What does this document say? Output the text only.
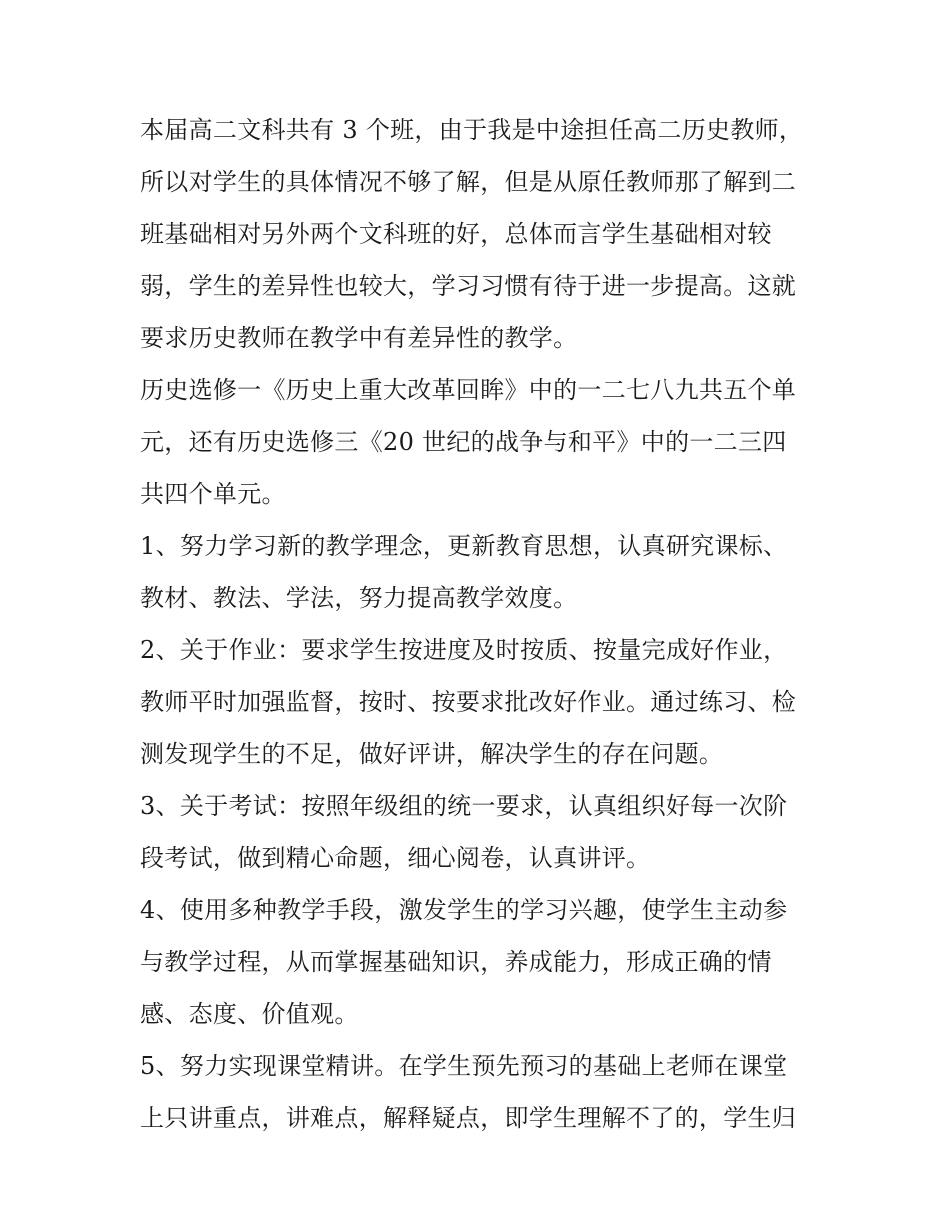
本届高二文科共有 3 个班，由于我是中途担任高二历史教师，
所以对学生的具体情况不够了解，但是从原任教师那了解到二
班基础相对另外两个文科班的好，总体而言学生基础相对较
弱，学生的差异性也较大，学习习惯有待于进一步提高。这就
要求历史教师在教学中有差异性的教学。
历史选修一《历史上重大改革回眸》中的一二七八九共五个单
元，还有历史选修三《20 世纪的战争与和平》中的一二三四
共四个单元。
1、努力学习新的教学理念，更新教育思想，认真研究课标、
教材、教法、学法，努力提高教学效度。
2、关于作业：要求学生按进度及时按质、按量完成好作业，
教师平时加强监督，按时、按要求批改好作业。通过练习、检
测发现学生的不足，做好评讲，解决学生的存在问题。
3、关于考试：按照年级组的统一要求，认真组织好每一次阶
段考试，做到精心命题，细心阅卷，认真讲评。
4、使用多种教学手段，激发学生的学习兴趣，使学生主动参
与教学过程，从而掌握基础知识，养成能力，形成正确的情
感、态度、价值观。
5、努力实现课堂精讲。在学生预先预习的基础上老师在课堂
上只讲重点，讲难点，解释疑点，即学生理解不了的，学生归
